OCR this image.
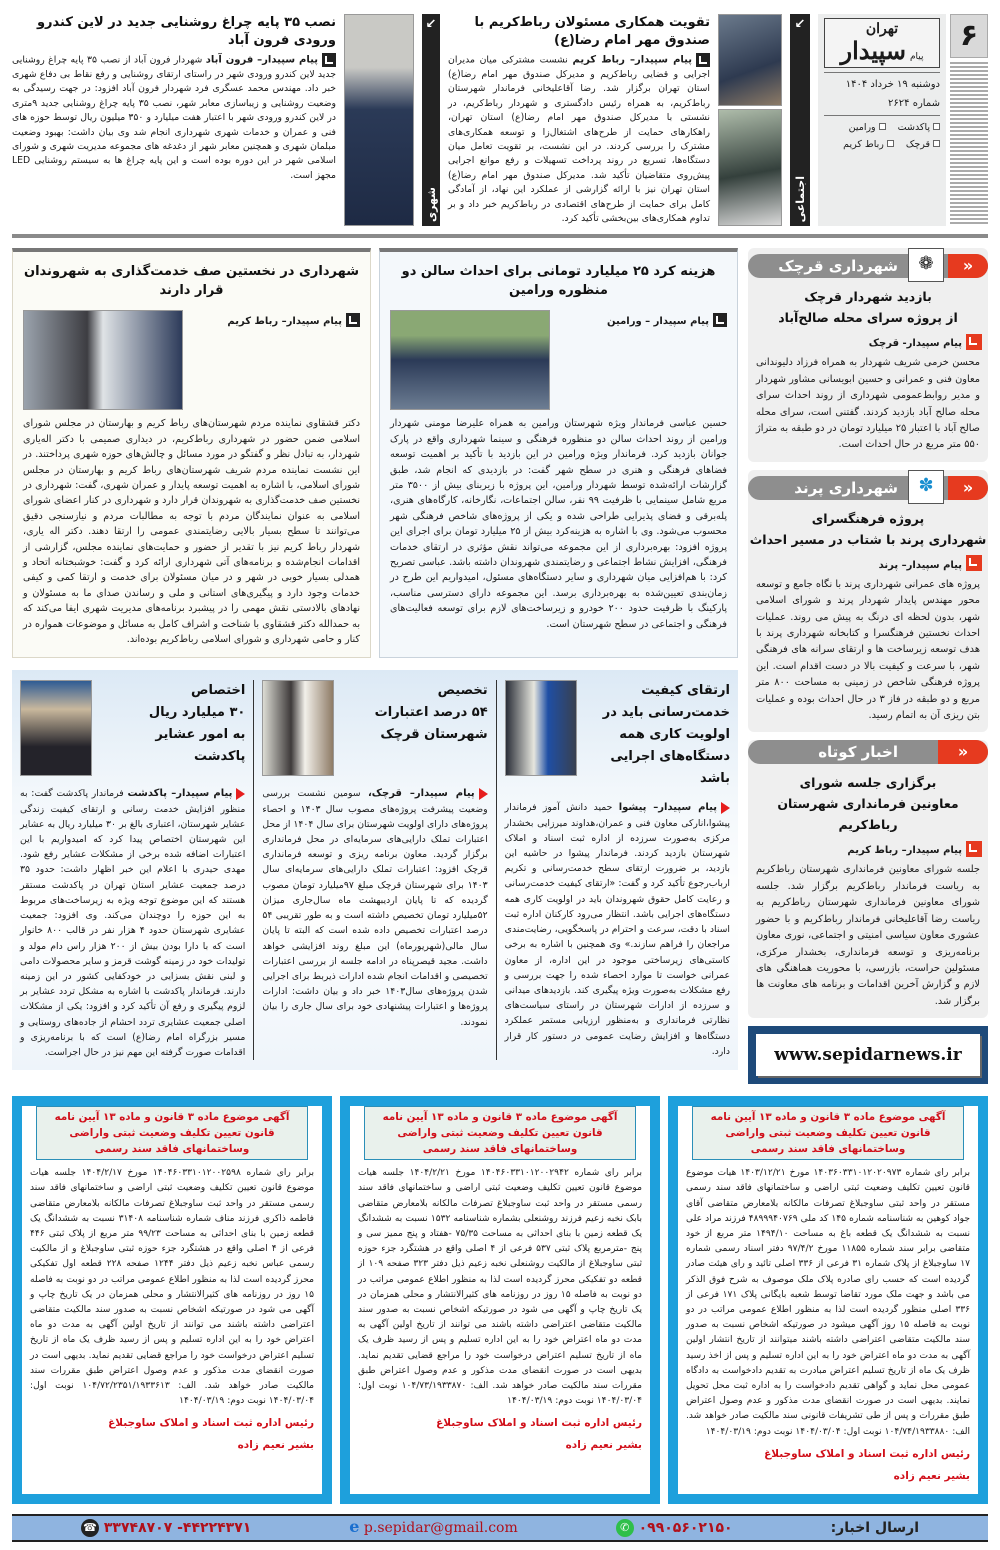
۶
تهران
پیام
سپیدار
دوشنبه ۱۹ خرداد ۱۴۰۴
شماره ۲۶۲۴
پاکدشت
ورامین
قرچک
رباط کریم
↙
اجتماعی
تقویت همکاری مسئولان رباط‌کریم با صندوق مهر امام رضا(ع)
پیام سپیدار– رباط کریم نشست مشترکی میان مدیران اجرایی و قضایی رباط‌کریم و مدیرکل صندوق مهر امام رضا(ع) استان تهران برگزار شد. رضا آقاعلیخانی فرماندار شهرستان رباط‌کریم، به همراه رئیس دادگستری و شهردار رباط‌کریم، در نشستی با مدیرکل صندوق مهر امام رضا(ع) استان تهران، راهکارهای حمایت از طرح‌های اشتغال‌زا و توسعه همکاری‌های مشترک را بررسی کردند. در این نشست، بر تقویت تعامل میان دستگاه‌ها، تسریع در روند پرداخت تسهیلات و رفع موانع اجرایی پیش‌روی متقاضیان تأکید شد. مدیرکل صندوق مهر امام رضا(ع) استان تهران نیز با ارائه گزارشی از عملکرد این نهاد، از آمادگی کامل برای حمایت از طرح‌های اقتصادی در رباط‌کریم خبر داد و بر تداوم همکاری‌های بین‌بخشی تأکید کرد.
↙
شهری
نصب ۳۵ پایه چراغ روشنایی جدید در لاین کندرو ورودی فرون آباد
پیام سپیدار– فرون آباد شهردار فرون آباد از نصب ۳۵ پایه چراغ روشنایی جدید لاین کندرو ورودی شهر در راستای ارتقای روشنایی و رفع نقاط بی دفاع شهری خبر داد. مهندس محمد عسگری فرد شهردار فرون آباد افزود: در جهت رسیدگی به وضعیت روشنایی و زیباسازی معابر شهر، نصب ۳۵ پایه چراغ روشنایی جدید ۹متری در لاین کندرو ورودی شهر با اعتبار هفت میلیارد و ۳۵۰ میلیون ریال توسط حوزه های فنی و عمران و خدمات شهری شهرداری انجام شد وی بیان داشت: بهبود وضعیت مبلمان شهری و همچنین معابر شهر از دغدغه های مجموعه مدیریت شهری و شورای اسلامی شهر در این دوره بوده است و این پایه چراغ ها به سیستم روشنایی LED مجهز است.
«
❁
شهرداری قرچک
بازدید شهردار قرچک
از پروژه سرای محله صالح‌آباد
پیام سپیدار- قرچک
محسن خرمی شریف شهردار به همراه فرزاد دلیوندانی معاون فنی و عمرانی و حسین ابویسانی مشاور شهردار و مدیر روابط‌عمومی شهرداری از روند احداث سرای محله صالح آباد بازدید کردند. گفتنی است، سرای محله صالح آباد با اعتبار ۲۵ میلیارد تومان در دو طبقه به متراژ ۵۵۰ متر مربع در حال احداث است.
«
✽
شهرداری پرند
پروژه فرهنگسرای
شهرداری پرند با شتاب در مسیر احداث
پیام سپیدار– پرند
پروژه های عمرانی شهرداری پرند با نگاه جامع و توسعه محور مهندس پایدار شهردار پرند و شورای اسلامی شهر، بدون لحظه ای درنگ به پیش می روند. عملیات احداث نخستین فرهنگسرا و کتابخانه شهرداری پرند با هدف توسعه زیرساخت ها و ارتقای سرانه های فرهنگی شهر، با سرعت و کیفیت بالا در دست اقدام است. این پروژه فرهنگی شاخص در زمینی به مساحت ۸۰۰ متر مربع و دو طبقه در فاز ۳ در حال احداث بوده و عملیات بتن ریزی آن به اتمام رسید.
«
اخبار کوتاه
برگزاری جلسه شورای
معاونین فرمانداری شهرستان رباط‌کریم
پیام سپیدار– رباط کریم
جلسه شورای معاونین فرمانداری شهرستان رباط‌کریم به ریاست فرماندار رباط‌کریم برگزار شد. جلسه شورای معاونین فرمانداری شهرستان رباط‌کریم به ریاست رضا آقاعلیخانی فرماندار رباط‌کریم و با حضور عشوری معاون سیاسی امنیتی و اجتماعی، نوری معاون برنامه‌ریزی و توسعه فرمانداری، بخشدار مرکزی، مسئولین حراست، بازرسی، با محوریت هماهنگی های لازم و گزارش آخرین اقدامات و برنامه های معاونت ها برگزار شد.
www.sepidarnews.ir
هزینه کرد ۲۵ میلیارد تومانی برای احداث سالن دو منظوره ورامین
پیام سپیدار – ورامین
حسین عباسی فرماندار ویژه شهرستان ورامین به همراه علیرضا مومنی شهردار ورامین از روند احداث سالن دو منظوره فرهنگی و سینما شهرداری واقع در پارک جوانان بازدید کرد. فرماندار ویژه ورامین در این بازدید با تأکید بر اهمیت توسعه فضاهای فرهنگی و هنری در سطح شهر گفت: در بازدیدی که انجام شد، طبق گزارشات ارائه‌شده توسط شهردار ورامین، این پروژه با زیربنای بیش از ۳۵۰۰ متر مربع شامل سینمایی با ظرفیت ۹۹ نفر، سالن اجتماعات، نگارخانه، کارگاه‌های هنری، پله‌برقی و فضای پذیرایی طراحی شده و یکی از پروژه‌های شاخص فرهنگی شهر محسوب می‌شود. وی با اشاره به هزینه‌کرد بیش از ۲۵ میلیارد تومان برای اجرای این پروژه افزود: بهره‌برداری از این مجموعه می‌تواند نقش مؤثری در ارتقای خدمات فرهنگی، افزایش نشاط اجتماعی و رضایتمندی شهروندان داشته باشد. عباسی تصریح کرد: با هم‌افزایی میان شهرداری و سایر دستگاه‌های مسئول، امیدواریم این طرح در زمان‌بندی تعیین‌شده به بهره‌برداری برسد. این مجموعه دارای دسترسی مناسب، پارکینگ با ظرفیت حدود ۲۰۰ خودرو و زیرساخت‌های لازم برای توسعه فعالیت‌های فرهنگی و اجتماعی در سطح شهرستان است.
شهرداری در نخستین صف خدمت‌گذاری به شهروندان قرار دارند
پیام سپیدار– رباط کریم
دکتر قشقاوی نماینده مردم شهرستان‌های رباط کریم و بهارستان در مجلس شورای اسلامی ضمن حضور در شهرداری رباط‌کریم، در دیداری صمیمی با دکتر اله‌یاری شهردار، به تبادل نظر و گفتگو در مورد مسائل و چالش‌های حوزه شهری پرداختند. در این نشست نماینده مردم شریف شهرستان‌های رباط کریم و بهارستان در مجلس شورای اسلامی، با اشاره به اهمیت توسعه پایدار و عمران شهری، گفت: شهرداری در نخستین صف خدمت‌گذاری به شهروندان قرار دارد و شهرداری در کنار اعضای شورای اسلامی به عنوان نمایندگان مردم با توجه به مطالبات مردم و نیازسنجی دقیق می‌توانند تا سطح بسیار بالایی رضایتمندی عمومی را ارتقا دهند. دکتر اله یاری، شهردار رباط کریم نیز با تقدیر از حضور و حمایت‌های نماینده مجلس، گزارشی از اقدامات انجام‌شده و برنامه‌های آتی شهرداری ارائه کرد و گفت: خوشبختانه اتحاد و همدلی بسیار خوبی در شهر و در میان مسئولان برای خدمت و ارتقا کمی و کیفی خدمات وجود دارد و پیگیری‌های استانی و ملی و رساندن صدای ما به مسئولان و نهادهای بالادستی نقش مهمی را در پیشبرد برنامه‌های مدیریت شهری ایفا می‌کند که به حمدالله دکتر قشقاوی با شناخت و اشراف کامل به مسائل و موضوعات همواره در کنار و حامی شهرداری و شورای اسلامی رباط‌کریم بوده‌اند.
ارتقای کیفیت
خدمت‌رسانی باید در
اولویت کاری همه
دستگاه‌های اجرایی باشد
پیام سپیدار– پیشوا حمید دانش آموز فرماندار پیشوا،انارکی معاون فنی و عمران،هداوند میرزایی بخشدار مرکزی به‌صورت سرزده از اداره ثبت اسناد و املاک شهرستان بازدید کردند. فرماندار پیشوا در حاشیه این بازدید، بر ضرورت ارتقای سطح خدمت‌رسانی و تکریم ارباب‌رجوع تأکید کرد و گفت: «ارتقای کیفیت خدمت‌رسانی و رعایت کامل حقوق شهروندان باید در اولویت کاری همه دستگاه‌های اجرایی باشد. انتظار می‌رود کارکنان اداره ثبت اسناد با دقت، سرعت و احترام در پاسخگویی، رضایت‌مندی مراجعان را فراهم سازند.» وی همچنین با اشاره به برخی کاستی‌های زیرساختی موجود در این اداره، از معاون عمرانی خواست تا موارد احصاء شده را جهت بررسی و رفع مشکلات به‌صورت ویژه پیگیری کند. بازدیدهای میدانی و سرزده از ادارات شهرستان در راستای سیاست‌های نظارتی فرمانداری و به‌منظور ارزیابی مستمر عملکرد دستگاه‌ها و افزایش رضایت عمومی در دستور کار قرار دارد.
تخصیص
۵۴ درصد اعتبارات
شهرستان قرچک
پیام سپیدار– قرچک، سومین نشست بررسی وضعیت پیشرفت پروژه‌های مصوب سال ۱۴۰۳ و احصاء پروژه‌های دارای اولویت شهرستان برای سال ۱۴۰۴ از محل اعتبارات تملک دارایی‌های سرمایه‌ای در محل فرمانداری برگزار گردید. معاون برنامه ریزی و توسعه فرمانداری قرچک افزود: اعتبارات تملک دارایی‌های سرمایه‌ای سال ۱۴۰۳ برای شهرستان قرچک مبلغ ۹۷میلیارد تومان مصوب گردیده که تا پایان اردیبهشت ماه سال‌جاری میزان ۵۲میلیارد تومان تخصیص داشته است و به طور تقریبی ۵۴ درصد اعتبارات تخصیص داده شده است که البته تا پایان سال مالی(شهریورماه) این مبلغ روند افزایشی خواهد داشت. مجید قیصرپناه در ادامه جلسه از بررسی اعتبارات تخصیصی و اقدامات انجام شده ادارات ذیربط برای اجرایی شدن پروژه‌های سال۱۴۰۳ خبر داد و بیان داشت: ادارات پروژه‌ها و اعتبارات پیشنهادی خود برای سال جاری را بیان نمودند.
اختصاص
۳۰ میلیارد ریال
به امور عشایر
پاکدشت
پیام سپیدار– پاکدشت فرماندار پاکدشت گفت: به منظور افزایش خدمت رسانی و ارتقای کیفیت زندگی عشایر شهرستان، اعتباری بالغ بر ۳۰ میلیارد ریال به عشایر این شهرستان اختصاص پیدا کرد که امیدواریم با این اعتبارات اضافه شده برخی از مشکلات عشایر رفع شود. مهدی حیدری با اعلام این خبر اظهار داشت: حدود ۳۵ درصد جمعیت عشایر استان تهران در پاکدشت مستقر هستند که این موضوع توجه ویژه به زیرساخت‌های مربوط به این حوزه را دوچندان می‌کند. وی افزود: جمعیت عشایری شهرستان حدود ۴ هزار نفر در قالب ۸۰۰ خانوار است که با دارا بودن بیش از ۲۰۰ هزار راس دام مولد و تولیدات خود در زمینه گوشت قرمز و سایر محصولات دامی و لبنی نقش بسزایی در خودکفایی کشور در این زمینه دارند. فرماندار پاکدشت با اشاره به مشکل تردد عشایر بر لزوم پیگیری و رفع آن تأکید کرد و افزود: یکی از مشکلات اصلی جمعیت عشایری تردد احشام از جاده‌های روستایی و مسیر بزرگراه امام رضا(ع) است که با برنامه‌ریزی و اقدامات صورت گرفته این مهم نیز در حال اجراست.
آگهی موضوع ماده ۳ قانون و ماده ۱۳ آیین نامه قانون تعیین تکلیف وضعیت ثبتی واراضی وساختمانهای فاقد سند رسمی
برابر رای شماره ۱۴۰۳۶۰۳۳۱۰۱۲۰۲۰۹۷۳ مورخ ۱۴۰۳/۱۲/۲۱ هیات موضوع قانون تعیین تکلیف وضعیت ثبتی اراضی و ساختمانهای فاقد سند رسمی مستقر در واحد ثبتی ساوجبلاغ تصرفات مالکانه بلامعارض متقاضی آقای جواد کوهین به شناسنامه شماره ۱۴۵ کد ملی ۴۸۹۹۹۴۰۷۶۹ فرزند مراد علی نسبت به ششدانگ یک قطعه باغ به مساحت ۱۴۹۴/۱۰ متر مربع از خود متقاضی برابر سند شماره ۱۱۸۵۵ مورخ ۹۷/۴/۲ دفتر اسناد رسمی شماره ۱۷ ساوجبلاغ از پلاک شماره ۳۱ فرعی از ۳۳۶ اصلی تائید و رای هیئت صادر گردیده است که حسب رای صادره پلاک ملک موصوف به شرح فوق الذکر می باشد و جهت ملک مورد تقاضا توسط شعبه بایگانی پلاک ۱۷۱ فرعی از ۳۳۶ اصلی منظور گردیده است لذا به منظور اطلاع عمومی مراتب در دو نوبت به فاصله ۱۵ روز آگهی میشود در صورتیکه اشخاص نسبت به صدور سند مالکیت متقاضی اعتراضی داشته باشند میتوانند از تاریخ انتشار اولین آگهی به مدت دو ماه اعتراض خود را به این اداره تسلیم و پس از اخذ رسید ظرف یک ماه از تاریخ تسلیم اعتراض مبادرت به تقدیم دادخواست به دادگاه عمومی محل نماید و گواهی تقدیم دادخواست را به اداره ثبت محل تحویل نمایند. بدیهی است در صورت انقضای مدت مذکور و عدم وصول اعتراض طبق مقررات و پس از طی تشریفات قانونی سند مالکیت صادر خواهد شد. الف: ۱۰۴/۷۴/۱۹۳۳۸۸۰ نوبت اول: ۱۴۰۴/۰۳/۰۴ نوبت دوم: ۱۴۰۴/۰۳/۱۹
رئیس اداره ثبت اسناد و املاک ساوجبلاغ
بشیر نعیم زاده
آگهی موضوع ماده ۳ قانون و ماده ۱۳ آیین نامه قانون تعیین تکلیف وضعیت ثبتی واراضی وساختمانهای فاقد سند رسمی
برابر رای شماره ۱۴۰۴۶۰۳۳۱۰۱۲۰۰۲۹۴۲ مورخ ۱۴۰۴/۲/۲۱ جلسه هیات موضوع قانون تعیین تکلیف وضعیت ثبتی اراضی و ساختمانهای فاقد سند رسمی مستقر در واحد ثبت ساوجبلاغ تصرفات مالکانه بلامعارض متقاضی بابک نخبه زعیم فرزند روشنعلی بشماره شناسنامه ۱۵۳۲ نسبت به ششدانگ یک قطعه زمین با بنای احداثی به مساحت ۷۵/۳۵ -هفتاد و پنج ممیز سی و پنج -مترمربع پلاک ثبتی ۵۳۷ فرعی از ۴ اصلی واقع در هشتگرد جزء حوزه ثبتی ساوجبلاغ از مالکیت روشنعلی نخبه زعیم ذیل دفتر ۳۲۳ صفحه ۱۰۹ از قطعه دو تفکیکی محرز گردیده است لذا به منظور اطلاع عمومی مراتب در دو نوبت به فاصله ۱۵ روز در روزنامه های کثیرالانتشار و محلی همزمان در یک تاریخ چاپ و آگهی می شود در صورتیکه اشخاص نسبت به صدور سند مالکیت متقاضی اعتراضی داشته باشند می توانند از تاریخ اولین آگهی به مدت دو ماه اعتراض خود را به این اداره تسلیم و پس از رسید ظرف یک ماه از تاریخ تسلیم اعتراض درخواست خود را مراجع قضایی تقدیم نماید. بدیهی است در صورت انقضای مدت مذکور و عدم وصول اعتراض طبق مقررات سند مالکیت صادر خواهد شد. الف: ۱۰۴/۷۳/۱۹۳۳۸۷۰ نوبت اول: ۱۴۰۴/۰۳/۰۴ نوبت دوم: ۱۴۰۴/۰۳/۱۹
رئیس اداره ثبت اسناد و املاک ساوجبلاغ
بشیر نعیم زاده
آگهی موضوع ماده ۳ قانون و ماده ۱۳ آیین نامه قانون تعیین تکلیف وضعیت ثبتی واراضی وساختمانهای فاقد سند رسمی
برابر رای شماره ۱۴۰۴۶۰۳۳۱۰۱۲۰۰۲۵۹۸ مورخ ۱۴۰۴/۲/۱۷ جلسه هیات موضوع قانون تعیین تکلیف وضعیت ثبتی اراضی و ساختمانهای فاقد سند رسمی مستقر در واحد ثبت ساوجبلاغ تصرفات مالکانه بلامعارض متقاضی فاطمه ذاکری فرزند مناف شماره شناسنامه ۳۱۴۰۸ نسبت به ششدانگ یک قطعه زمین با بنای احداثی به مساحت ۹۹/۲۳ متر مربع از پلاک ثبتی ۴۴۶ فرعی از ۴ اصلی واقع در هشتگرد جزء حوزه ثبتی ساوجبلاغ و از مالکیت رسمی عباس نخبه زعیم ذیل دفتر ۱۲۴۴ صفحه ۲۲۸ قطعه اول تفکیکی محرز گردیده است لذا به منظور اطلاع عمومی مراتب در دو نوبت به فاصله ۱۵ روز در روزنامه های کثیرالانتشار و محلی همزمان در یک تاریخ چاپ و آگهی می شود در صورتیکه اشخاص نسبت به صدور سند مالکیت متقاضی اعتراضی داشته باشند می توانند از تاریخ اولین آگهی به مدت دو ماه اعتراض خود را به این اداره تسلیم و پس از رسید ظرف یک ماه از تاریخ تسلیم اعتراض درخواست خود را مراجع قضایی تقدیم نماید. بدیهی است در صورت انقضای مدت مذکور و عدم وصول اعتراض طبق مقررات سند مالکیت صادر خواهد شد. الف: ۱۰۴/۷۲/۲۳۵۱/۱۹۳۳۶۱۳ نوبت اول: ۱۴۰۴/۰۳/۰۴ نوبت دوم: ۱۴۰۴/۰۳/۱۹
رئیس اداره ثبت اسناد و املاک ساوجبلاغ
بشیر نعیم زاده
ارسال اخبار:
✆ ۰۹۹۰۵۶۰۲۱۵۰
e p.sepidar@gmail.com
☎ ۳۳۷۴۸۷۰۷ -۴۴۲۲۴۳۷۱
